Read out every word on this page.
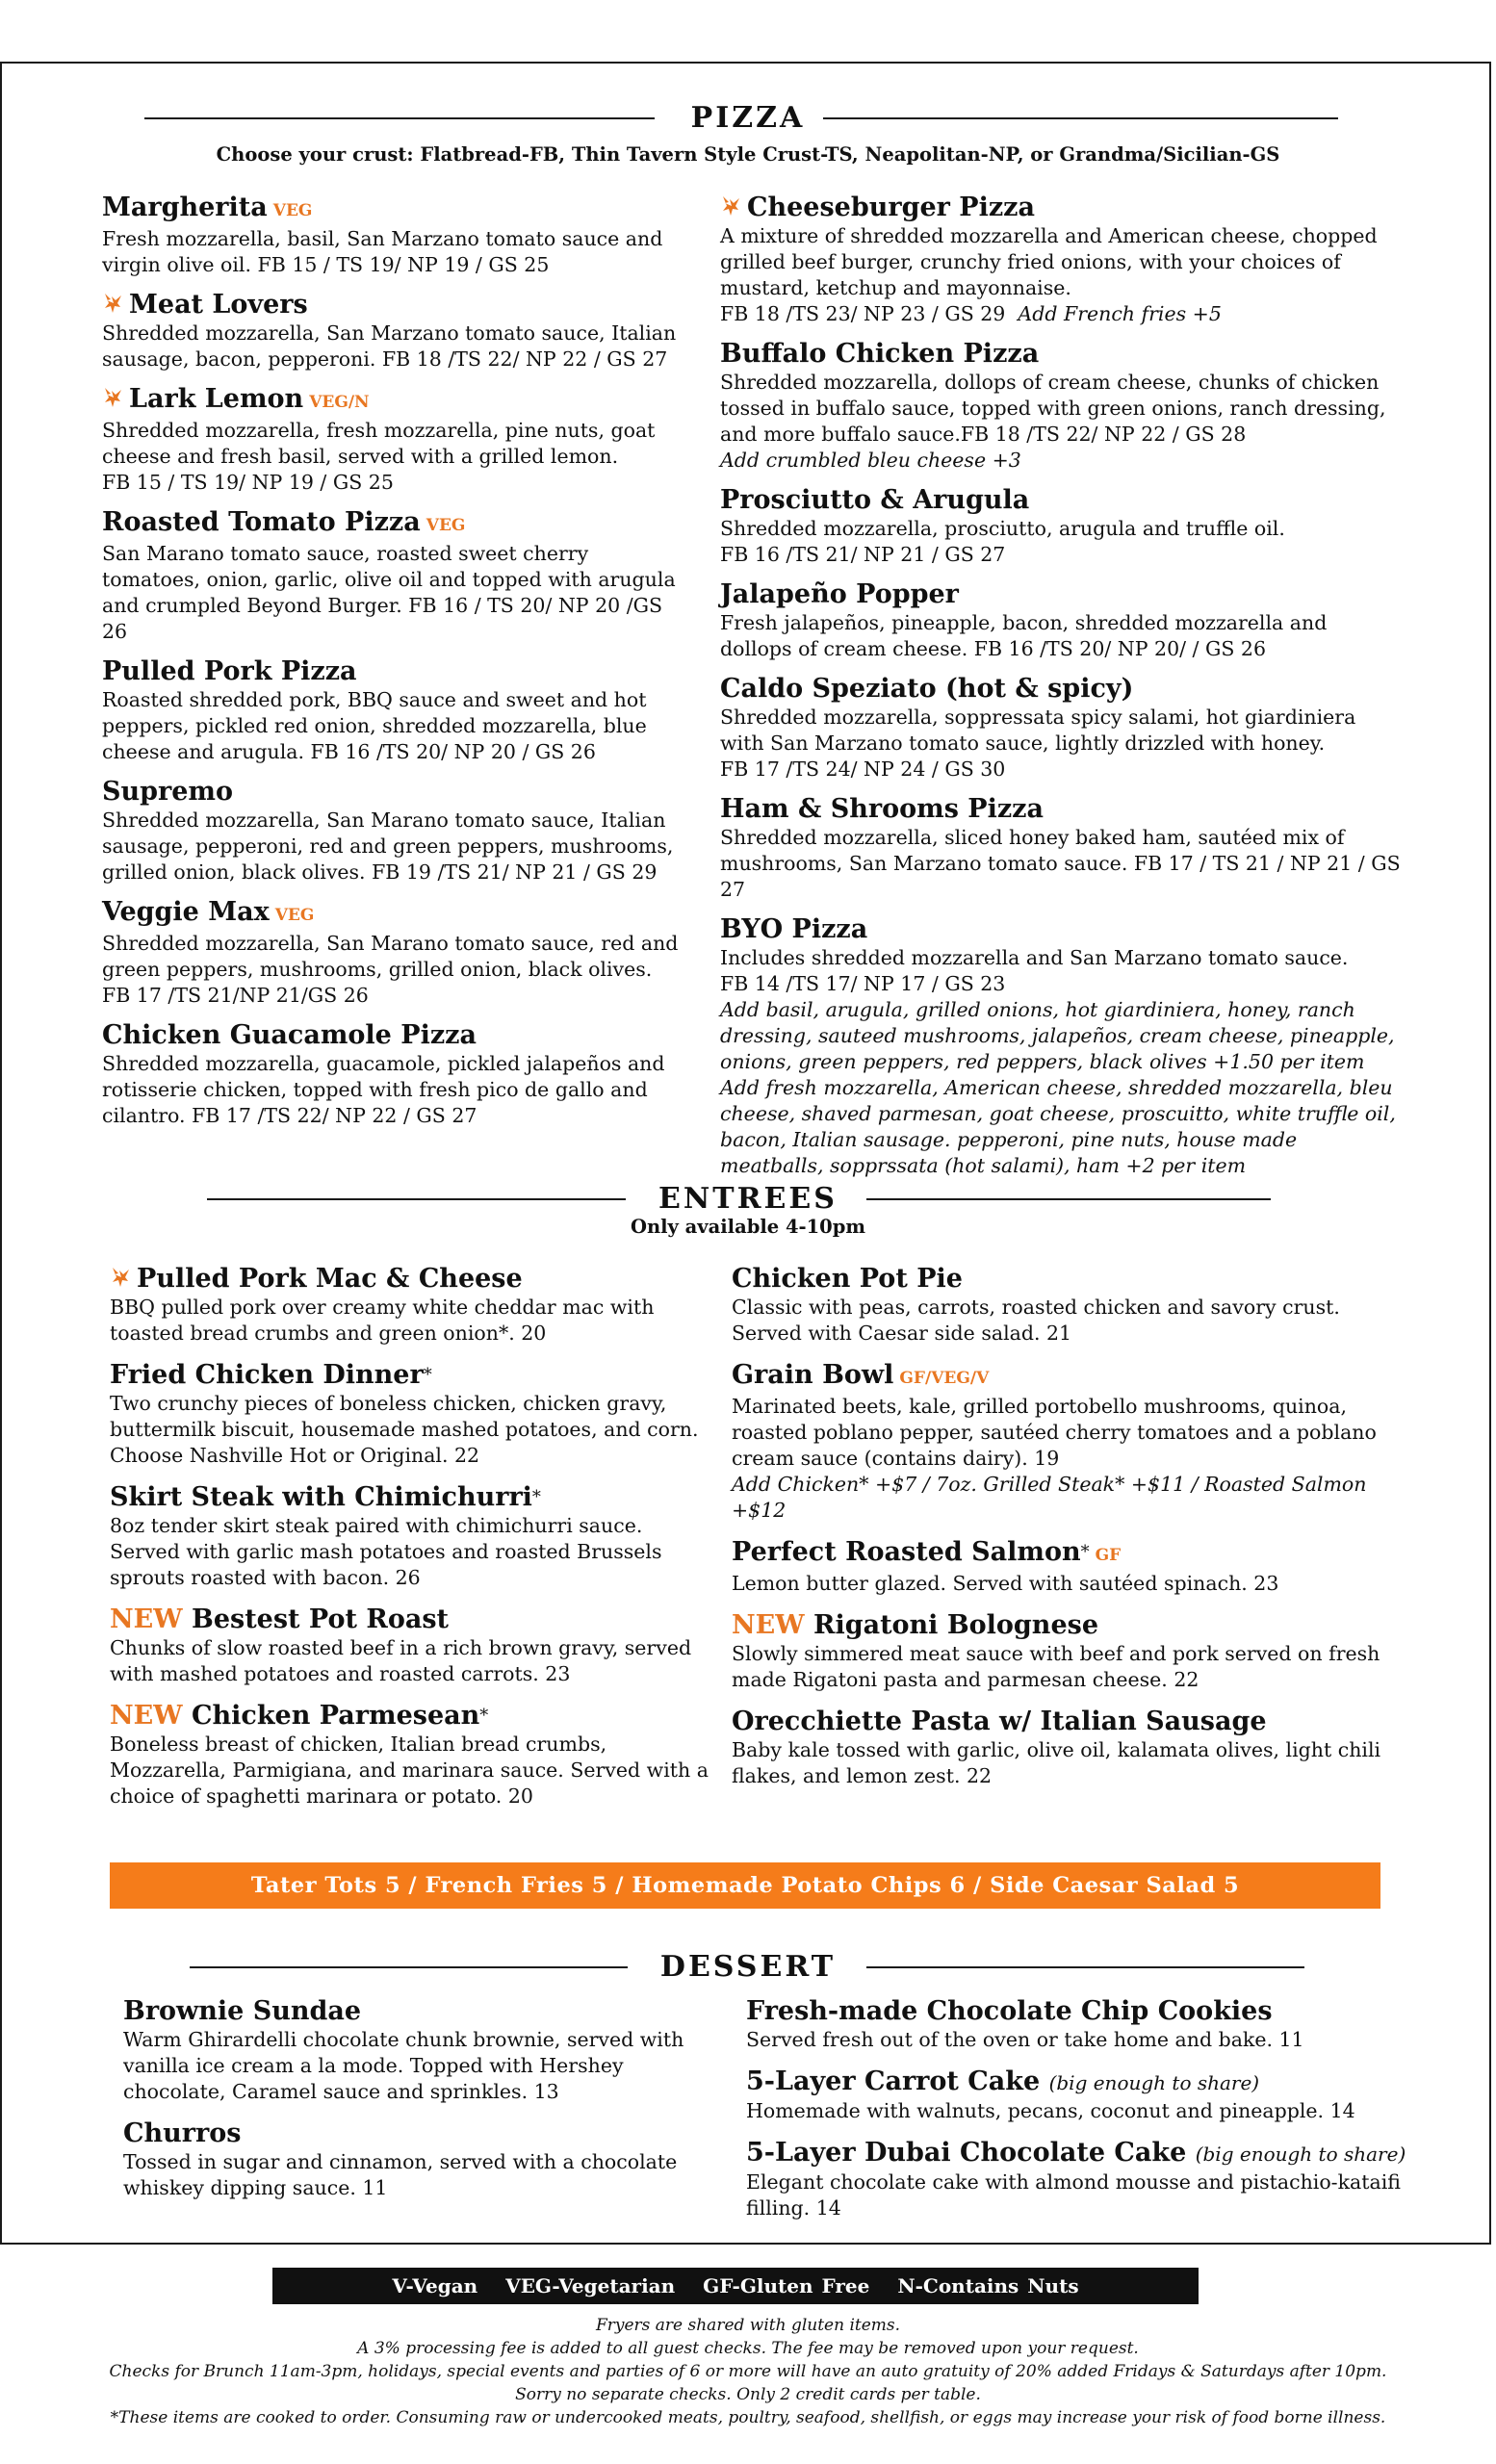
PIZZA
Choose your crust: Flatbread-FB, Thin Tavern Style Crust-TS, Neapolitan-NP, or Grandma/Sicilian-GS
Margherita VEG
Fresh mozzarella, basil, San Marzano tomato sauce and virgin olive oil. FB 15 / TS 19/ NP 19 / GS 25
Meat Lovers
Shredded mozzarella, San Marzano tomato sauce, Italian sausage, bacon, pepperoni. FB 18 /TS 22/ NP 22 / GS 27
Lark Lemon VEG/N
Shredded mozzarella, fresh mozzarella, pine nuts, goat cheese and fresh basil, served with a grilled lemon.
FB 15 / TS 19/ NP 19 / GS 25
Roasted Tomato Pizza VEG
San Marano tomato sauce, roasted sweet cherry tomatoes, onion, garlic, olive oil and topped with arugula and crumpled Beyond Burger. FB 16 / TS 20/ NP 20 /GS 26
Pulled Pork Pizza
Roasted shredded pork, BBQ sauce and sweet and hot peppers, pickled red onion, shredded mozzarella, blue cheese and arugula. FB 16 /TS 20/ NP 20 / GS 26
Supremo
Shredded mozzarella, San Marano tomato sauce, Italian sausage, pepperoni, red and green peppers, mushrooms, grilled onion, black olives. FB 19 /TS 21/ NP 21 / GS 29
Veggie Max VEG
Shredded mozzarella, San Marano tomato sauce, red and green peppers, mushrooms, grilled onion, black olives.
FB 17 /TS 21/NP 21/GS 26
Chicken Guacamole Pizza
Shredded mozzarella, guacamole, pickled jalapeños and rotisserie chicken, topped with fresh pico de gallo and cilantro. FB 17 /TS 22/ NP 22 / GS 27
Cheeseburger Pizza
A mixture of shredded mozzarella and American cheese, chopped grilled beef burger, crunchy fried onions, with your choices of mustard, ketchup and mayonnaise.
FB 18 /TS 23/ NP 23 / GS 29 Add French fries +5
Buffalo Chicken Pizza
Shredded mozzarella, dollops of cream cheese, chunks of chicken tossed in buffalo sauce, topped with green onions, ranch dressing, and more buffalo sauce.FB 18 /TS 22/ NP 22 / GS 28
Add crumbled bleu cheese +3
Prosciutto & Arugula
Shredded mozzarella, prosciutto, arugula and truffle oil.
FB 16 /TS 21/ NP 21 / GS 27
Jalapeño Popper
Fresh jalapeños, pineapple, bacon, shredded mozzarella and dollops of cream cheese. FB 16 /TS 20/ NP 20/ / GS 26
Caldo Speziato (hot & spicy)
Shredded mozzarella, soppressata spicy salami, hot giardiniera with San Marzano tomato sauce, lightly drizzled with honey.
FB 17 /TS 24/ NP 24 / GS 30
Ham & Shrooms Pizza
Shredded mozzarella, sliced honey baked ham, sautéed mix of mushrooms, San Marzano tomato sauce. FB 17 / TS 21 / NP 21 / GS 27
BYO Pizza
Includes shredded mozzarella and San Marzano tomato sauce.
FB 14 /TS 17/ NP 17 / GS 23
Add basil, arugula, grilled onions, hot giardiniera, honey, ranch dressing, sauteed mushrooms, jalapeños, cream cheese, pineapple, onions, green peppers, red peppers, black olives +1.50 per item
Add fresh mozzarella, American cheese, shredded mozzarella, bleu cheese, shaved parmesan, goat cheese, proscuitto, white truffle oil, bacon, Italian sausage. pepperoni, pine nuts, house made meatballs, sopprssata (hot salami), ham +2 per item
ENTREES
Only available 4-10pm
Pulled Pork Mac & Cheese
BBQ pulled pork over creamy white cheddar mac with toasted bread crumbs and green onion*. 20
Fried Chicken Dinner*
Two crunchy pieces of boneless chicken, chicken gravy, buttermilk biscuit, housemade mashed potatoes, and corn. Choose Nashville Hot or Original. 22
Skirt Steak with Chimichurri*
8oz tender skirt steak paired with chimichurri sauce. Served with garlic mash potatoes and roasted Brussels sprouts roasted with bacon. 26
NEW Bestest Pot Roast
Chunks of slow roasted beef in a rich brown gravy, served with mashed potatoes and roasted carrots. 23
NEW Chicken Parmesean*
Boneless breast of chicken, Italian bread crumbs, Mozzarella, Parmigiana, and marinara sauce. Served with a choice of spaghetti marinara or potato. 20
Chicken Pot Pie
Classic with peas, carrots, roasted chicken and savory crust. Served with Caesar side salad. 21
Grain Bowl GF/VEG/V
Marinated beets, kale, grilled portobello mushrooms, quinoa, roasted poblano pepper, sautéed cherry tomatoes and a poblano cream sauce (contains dairy). 19
Add Chicken* +$7 / 7oz. Grilled Steak* +$11 / Roasted Salmon +$12
Perfect Roasted Salmon* GF
Lemon butter glazed. Served with sautéed spinach. 23
NEW Rigatoni Bolognese
Slowly simmered meat sauce with beef and pork served on fresh made Rigatoni pasta and parmesan cheese. 22
Orecchiette Pasta w/ Italian Sausage
Baby kale tossed with garlic, olive oil, kalamata olives, light chili flakes, and lemon zest. 22
Tater Tots 5 / French Fries 5 / Homemade Potato Chips 6 / Side Caesar Salad 5
DESSERT
Brownie Sundae
Warm Ghirardelli chocolate chunk brownie, served with vanilla ice cream a la mode. Topped with Hershey chocolate, Caramel sauce and sprinkles. 13
Churros
Tossed in sugar and cinnamon, served with a chocolate whiskey dipping sauce. 11
Fresh-made Chocolate Chip Cookies
Served fresh out of the oven or take home and bake. 11
5-Layer Carrot Cake (big enough to share)
Homemade with walnuts, pecans, coconut and pineapple. 14
5-Layer Dubai Chocolate Cake (big enough to share)
Elegant chocolate cake with almond mousse and pistachio-kataifi filling. 14
V-Vegan VEG-Vegetarian GF-Gluten Free N-Contains Nuts
Fryers are shared with gluten items.
A 3% processing fee is added to all guest checks. The fee may be removed upon your request.
Checks for Brunch 11am-3pm, holidays, special events and parties of 6 or more will have an auto gratuity of 20% added Fridays & Saturdays after 10pm.
Sorry no separate checks. Only 2 credit cards per table.
*These items are cooked to order. Consuming raw or undercooked meats, poultry, seafood, shellfish, or eggs may increase your risk of food borne illness.
